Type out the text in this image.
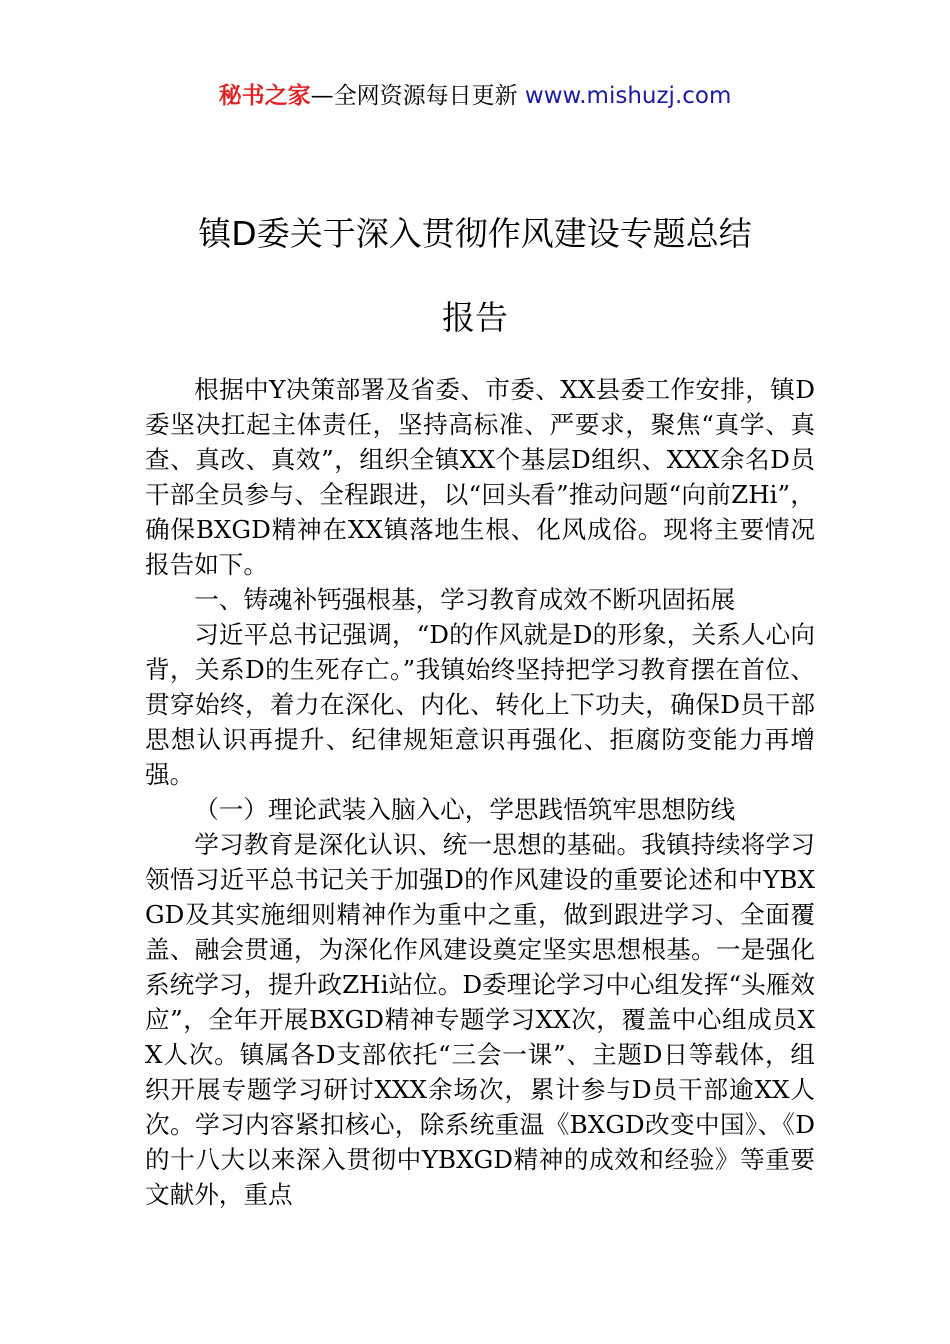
秘书之家—全网资源每日更新 www.mishuzj.com
镇D委关于深入贯彻作风建设专题总结
报告

根据中Y决策部署及省委、市委、XX县委工作安排，镇D委坚决扛起主体责任，坚持高标准、严要求，聚焦“真学、真查、真改、真效”，组织全镇XX个基层D组织、XXX余名D员干部全员参与、全程跟进，以“回头看”推动问题“向前ZHi”，确保BXGD精神在XX镇落地生根、化风成俗。现将主要情况报告如下。

一、铸魂补钙强根基，学习教育成效不断巩固拓展

习近平总书记强调，“D的作风就是D的形象，关系人心向背，关系D的生死存亡。”我镇始终坚持把学习教育摆在首位、贯穿始终，着力在深化、内化、转化上下功夫，确保D员干部思想认识再提升、纪律规矩意识再强化、拒腐防变能力再增强。

（一）理论武装入脑入心，学思践悟筑牢思想防线

学习教育是深化认识、统一思想的基础。我镇持续将学习领悟习近平总书记关于加强D的作风建设的重要论述和中YBXGD及其实施细则精神作为重中之重，做到跟进学习、全面覆盖、融会贯通，为深化作风建设奠定坚实思想根基。一是强化系统学习，提升政ZHi站位。D委理论学习中心组发挥“头雁效应”，全年开展BXGD精神专题学习XX次，覆盖中心组成员XX人次。镇属各D支部依托“三会一课”、主题D日等载体，组织开展专题学习研讨XXX余场次，累计参与D员干部逾XX人次。学习内容紧扣核心，除系统重温《BXGD改变中国》、《D的十八大以来深入贯彻中YBXGD精神的成效和经验》等重要文献外，重点
